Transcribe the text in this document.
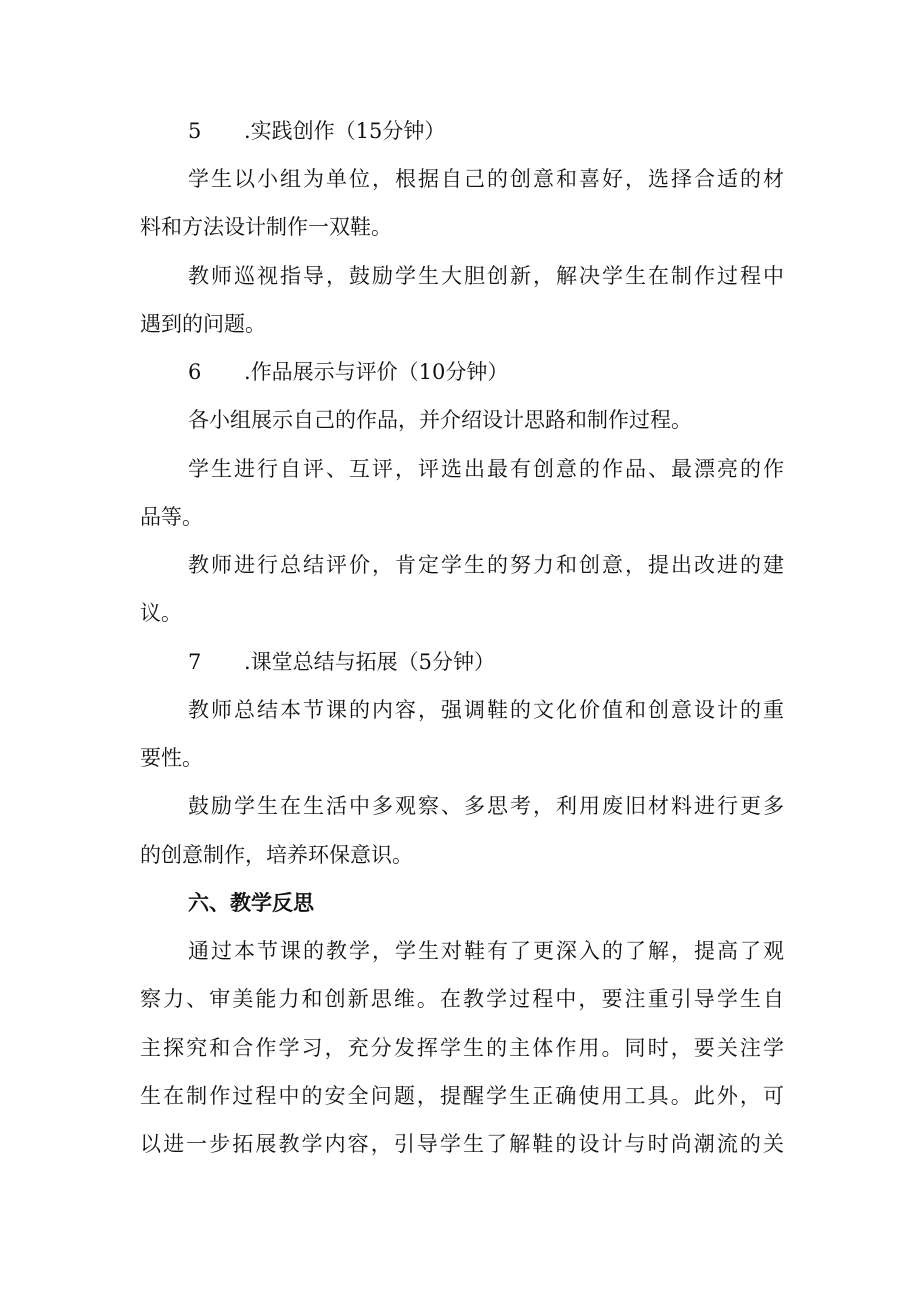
5 .实践创作（15分钟）
学生以小组为单位，根据自己的创意和喜好，选择合适的材
料和方法设计制作一双鞋。
教师巡视指导，鼓励学生大胆创新，解决学生在制作过程中
遇到的问题。
6 .作品展示与评价（10分钟）
各小组展示自己的作品，并介绍设计思路和制作过程。
学生进行自评、互评，评选出最有创意的作品、最漂亮的作
品等。
教师进行总结评价，肯定学生的努力和创意，提出改进的建
议。
7 .课堂总结与拓展（5分钟）
教师总结本节课的内容，强调鞋的文化价值和创意设计的重
要性。
鼓励学生在生活中多观察、多思考，利用废旧材料进行更多
的创意制作，培养环保意识。
六、教学反思
通过本节课的教学，学生对鞋有了更深入的了解，提高了观
察力、审美能力和创新思维。在教学过程中，要注重引导学生自
主探究和合作学习，充分发挥学生的主体作用。同时，要关注学
生在制作过程中的安全问题，提醒学生正确使用工具。此外，可
以进一步拓展教学内容，引导学生了解鞋的设计与时尚潮流的关
